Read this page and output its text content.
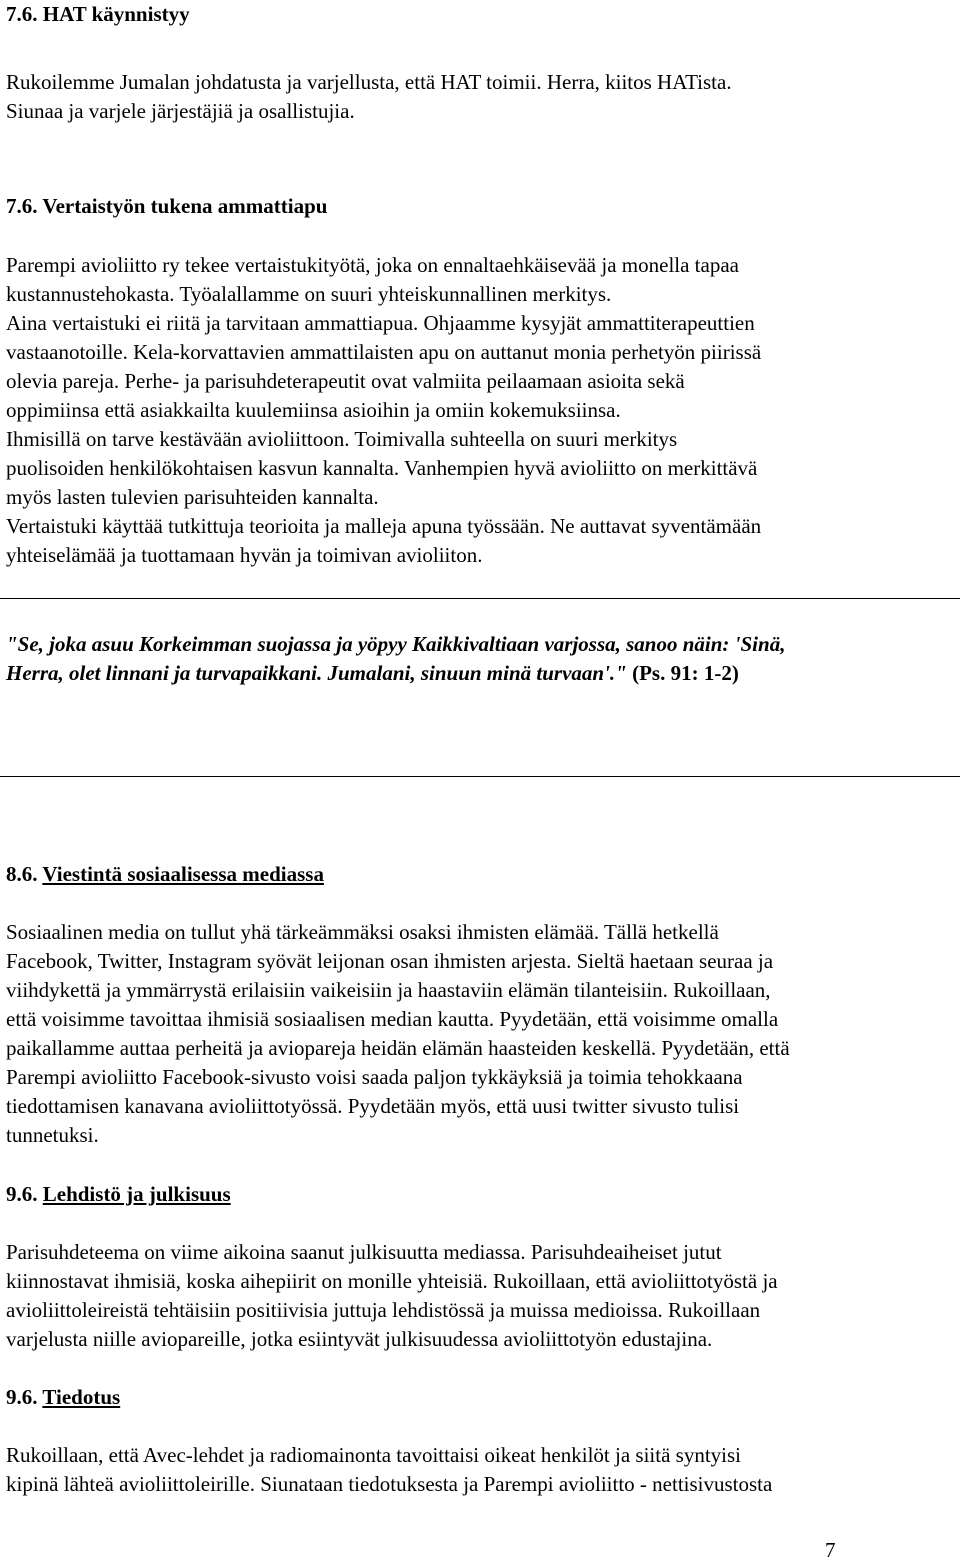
7.6. HAT käynnistyy
Rukoilemme Jumalan johdatusta ja varjellusta, että HAT toimii. Herra, kiitos HATista.
Siunaa ja varjele järjestäjiä ja osallistujia.
7.6. Vertaistyön tukena ammattiapu
Parempi avioliitto ry tekee vertaistukityötä, joka on ennaltaehkäisevää ja monella tapaa
kustannustehokasta. Työalallamme on suuri yhteiskunnallinen merkitys.
Aina vertaistuki ei riitä ja tarvitaan ammattiapua. Ohjaamme kysyjät ammattiterapeuttien
vastaanotoille. Kela-korvattavien ammattilaisten apu on auttanut monia perhetyön piirissä
olevia pareja. Perhe- ja parisuhdeterapeutit ovat valmiita peilaamaan asioita sekä
oppimiinsa että asiakkailta kuulemiinsa asioihin ja omiin kokemuksiinsa.
Ihmisillä on tarve kestävään avioliittoon. Toimivalla suhteella on suuri merkitys
puolisoiden henkilökohtaisen kasvun kannalta. Vanhempien hyvä avioliitto on merkittävä
myös lasten tulevien parisuhteiden kannalta.
Vertaistuki käyttää tutkittuja teorioita ja malleja apuna työssään. Ne auttavat syventämään
yhteiselämää ja tuottamaan hyvän ja toimivan avioliiton.
"Se, joka asuu Korkeimman suojassa ja yöpyy Kaikkivaltiaan varjossa, sanoo näin: 'Sinä,
Herra, olet linnani ja turvapaikkani. Jumalani, sinuun minä turvaan'." (Ps. 91: 1-2)
8.6. Viestintä sosiaalisessa mediassa
Sosiaalinen media on tullut yhä tärkeämmäksi osaksi ihmisten elämää. Tällä hetkellä
Facebook, Twitter, Instagram syövät leijonan osan ihmisten arjesta. Sieltä haetaan seuraa ja
viihdykettä ja ymmärrystä erilaisiin vaikeisiin ja haastaviin elämän tilanteisiin. Rukoillaan,
että voisimme tavoittaa ihmisiä sosiaalisen median kautta. Pyydetään, että voisimme omalla
paikallamme auttaa perheitä ja aviopareja heidän elämän haasteiden keskellä. Pyydetään, että
Parempi avioliitto Facebook-sivusto voisi saada paljon tykkäyksiä ja toimia tehokkaana
tiedottamisen kanavana avioliittotyössä. Pyydetään myös, että uusi twitter sivusto tulisi
tunnetuksi.
9.6. Lehdistö ja julkisuus
Parisuhdeteema on viime aikoina saanut julkisuutta mediassa. Parisuhdeaiheiset jutut
kiinnostavat ihmisiä, koska aihepiirit on monille yhteisiä. Rukoillaan, että avioliittotyöstä ja
avioliittoleireistä tehtäisiin positiivisia juttuja lehdistössä ja muissa medioissa. Rukoillaan
varjelusta niille aviopareille, jotka esiintyvät julkisuudessa avioliittotyön edustajina.
9.6. Tiedotus
Rukoillaan, että Avec-lehdet ja radiomainonta tavoittaisi oikeat henkilöt ja siitä syntyisi
kipinä lähteä avioliittoleirille. Siunataan tiedotuksesta ja Parempi avioliitto - nettisivustosta
7
